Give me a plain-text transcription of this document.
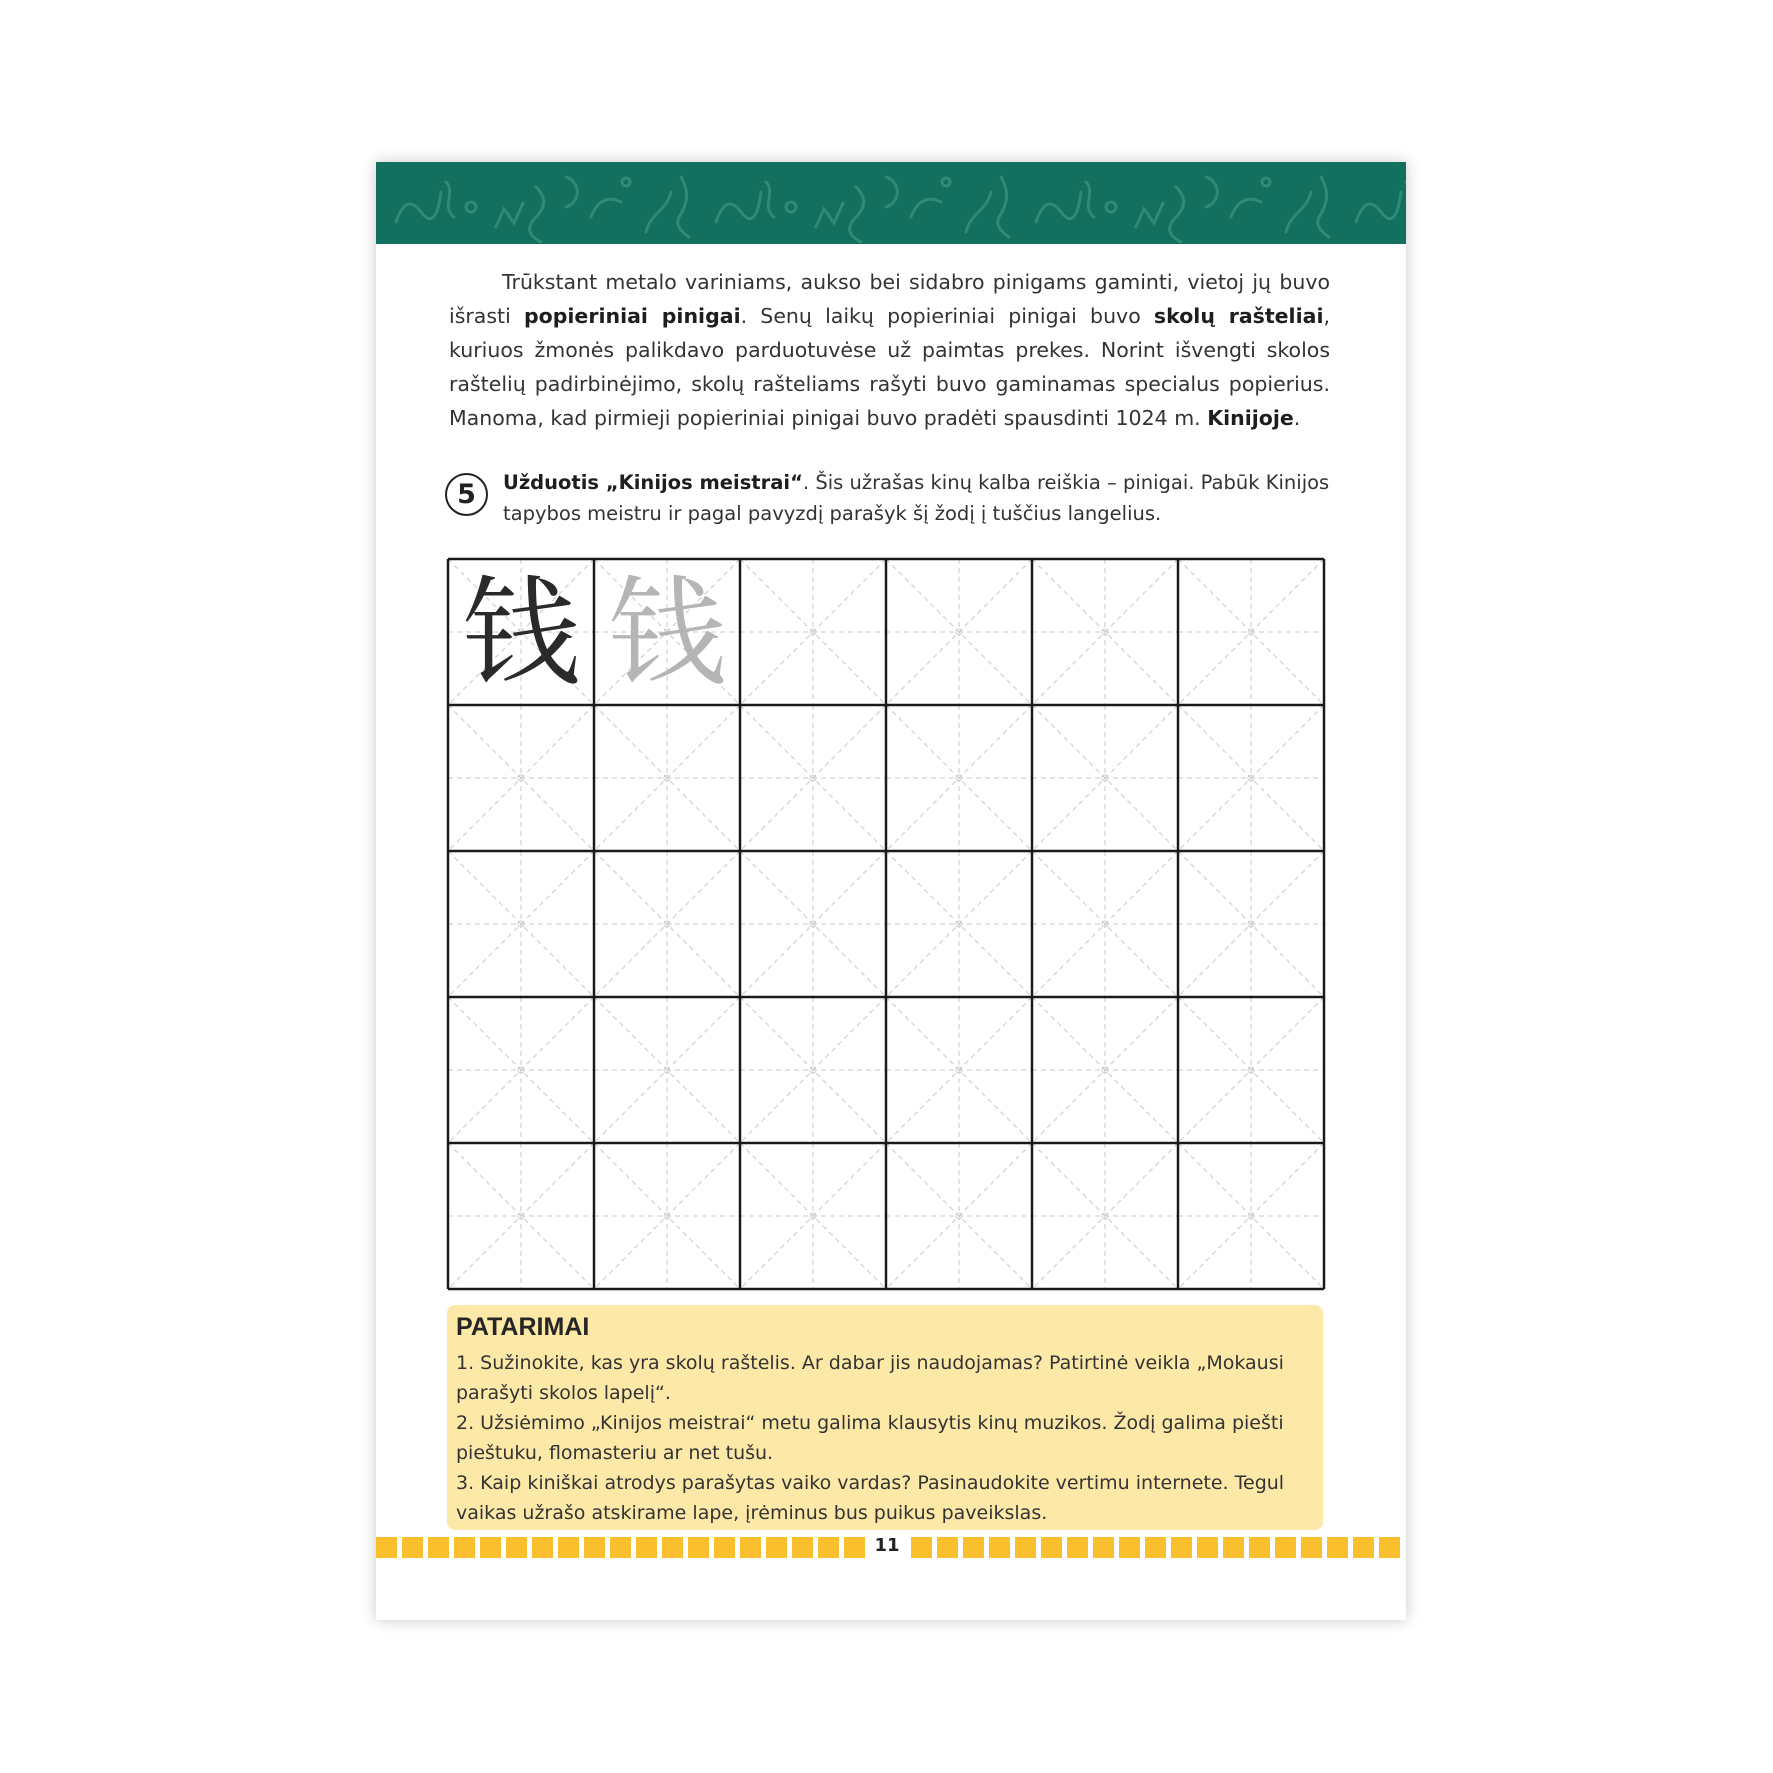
Trūkstant metalo variniams, aukso bei sidabro pinigams gaminti, vietoj jų buvo išrasti popieriniai pinigai. Senų laikų popieriniai pinigai buvo skolų rašteliai, kuriuos žmonės palikdavo parduotuvėse už paimtas prekes. Norint išvengti skolos raštelių padirbinėjimo, skolų rašteliams rašyti buvo gaminamas specialus popierius. Manoma, kad pirmieji popieriniai pinigai buvo pradėti spausdinti 1024 m. Kinijoje.

5	Užduotis „Kinijos meistrai“. Šis užrašas kinų kalba reiškia – pinigai. Pabūk Kinijos tapybos meistru ir pagal pavyzdį parašyk šį žodį į tuščius langelius.

钱 钱
PATARIMAI

1. Sužinokite, kas yra skolų raštelis. Ar dabar jis naudojamas? Patirtinė veikla „Mokausi parašyti skolos lapelį“.

2. Užsiėmimo „Kinijos meistrai“ metu galima klausytis kinų muzikos. Žodį galima piešti pieštuku, flomasteriu ar net tušu.

3. Kaip kiniškai atrodys parašytas vaiko vardas? Pasinaudokite vertimu internete. Tegul vaikas užrašo atskirame lape, įrėminus bus puikus paveikslas.

11
